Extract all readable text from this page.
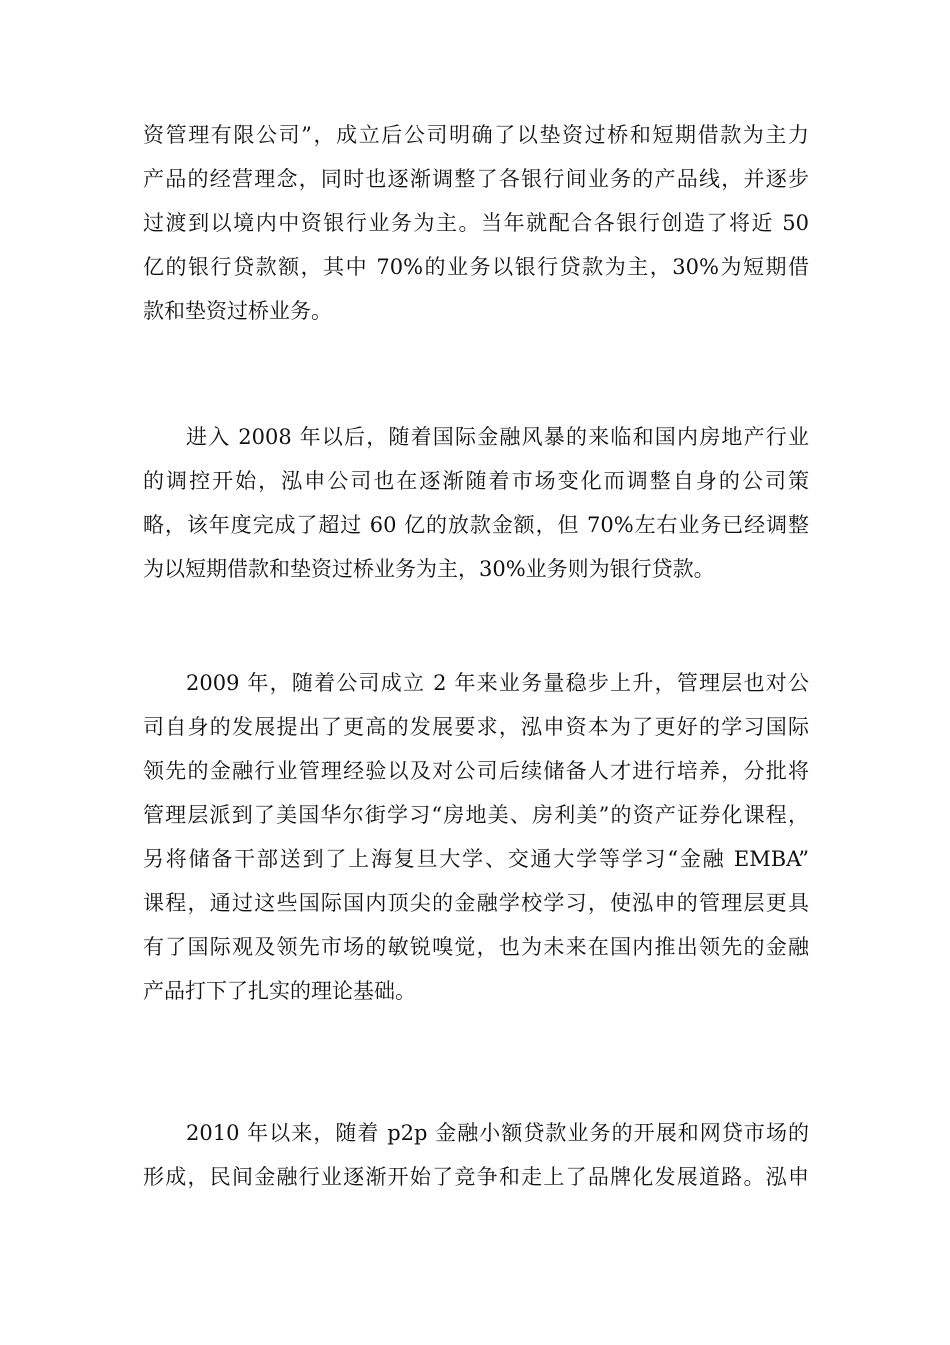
资管理有限公司”，成立后公司明确了以垫资过桥和短期借款为主力
产品的经营理念，同时也逐渐调整了各银行间业务的产品线，并逐步
过渡到以境内中资银行业务为主。当年就配合各银行创造了将近 50
亿的银行贷款额，其中 70%的业务以银行贷款为主，30%为短期借
款和垫资过桥业务。

进入 2008 年以后，随着国际金融风暴的来临和国内房地产行业
的调控开始，泓申公司也在逐渐随着市场变化而调整自身的公司策
略，该年度完成了超过 60 亿的放款金额，但 70%左右业务已经调整
为以短期借款和垫资过桥业务为主，30%业务则为银行贷款。

2009 年，随着公司成立 2 年来业务量稳步上升，管理层也对公
司自身的发展提出了更高的发展要求，泓申资本为了更好的学习国际
领先的金融行业管理经验以及对公司后续储备人才进行培养，分批将
管理层派到了美国华尔街学习“房地美、房利美”的资产证券化课程，
另将储备干部送到了上海复旦大学、交通大学等学习“金融 EMBA”
课程，通过这些国际国内顶尖的金融学校学习，使泓申的管理层更具
有了国际观及领先市场的敏锐嗅觉，也为未来在国内推出领先的金融
产品打下了扎实的理论基础。

2010 年以来，随着 p2p 金融小额贷款业务的开展和网贷市场的
形成，民间金融行业逐渐开始了竞争和走上了品牌化发展道路。泓申
